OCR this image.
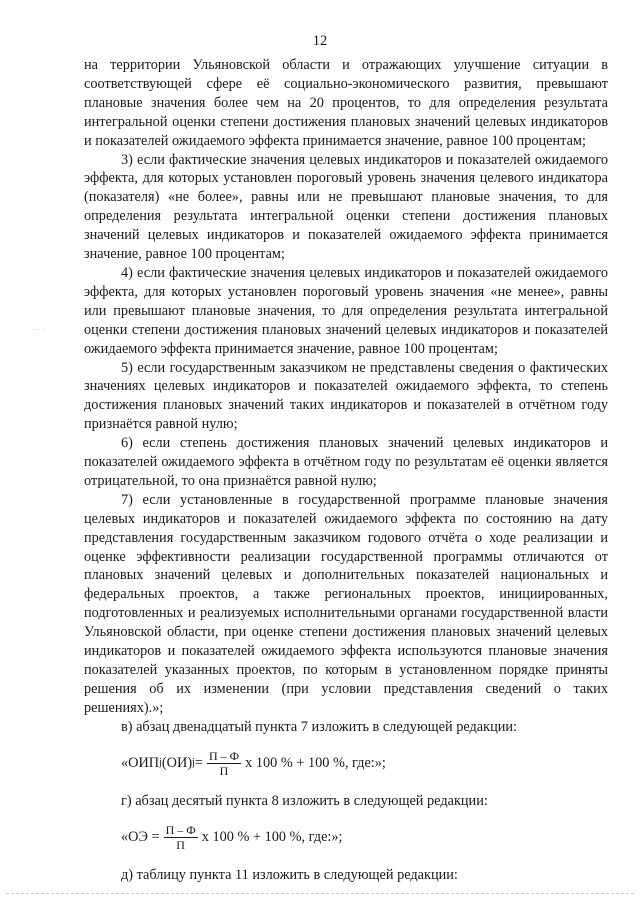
12
‥ .

на территории Ульяновской области и отражающих улучшение ситуации в соответствующей сфере её социально-экономического развития, превышают плановые значения более чем на 20 процентов, то для определения результата интегральной оценки степени достижения плановых значений целевых индикаторов и показателей ожидаемого эффекта принимается значение, равное 100 процентам;

3) если фактические значения целевых индикаторов и показателей ожидаемого эффекта, для которых установлен пороговый уровень значения целевого индикатора (показателя) «не более», равны или не превышают плановые значения, то для определения результата интегральной оценки степени достижения плановых значений целевых индикаторов и показателей ожидаемого эффекта принимается значение, равное 100 процентам;

4) если фактические значения целевых индикаторов и показателей ожидаемого эффекта, для которых установлен пороговый уровень значения «не менее», равны или превышают плановые значения, то для определения результата интегральной оценки степени достижения плановых значений целевых индикаторов и показателей ожидаемого эффекта принимается значение, равное 100 процентам;

5) если государственным заказчиком не представлены сведения о фактических значениях целевых индикаторов и показателей ожидаемого эффекта, то степень достижения плановых значений таких индикаторов и показателей в отчётном году признаётся равной нулю;

6) если степень достижения плановых значений целевых индикаторов и показателей ожидаемого эффекта в отчётном году по результатам её оценки является отрицательной, то она признаётся равной нулю;

7) если установленные в государственной программе плановые значения целевых индикаторов и показателей ожидаемого эффекта по состоянию на дату представления государственным заказчиком годового отчёта о ходе реализации и оценке эффективности реализации государственной программы отличаются от плановых значений целевых и дополнительных показателей национальных и федеральных проектов, а также региональных проектов, инициированных, подготовленных и реализуемых исполнительными органами государственной власти Ульяновской области, при оценке степени достижения плановых значений целевых индикаторов и показателей ожидаемого эффекта используются плановые значения показателей указанных проектов, по которым в установленном порядке приняты решения об их изменении (при условии представления сведений о таких решениях).»;

в) абзац двенадцатый пункта 7 изложить в следующей редакции:

«ОИП j (ОИ) $j = \frac{П - Ф}{П}$ х 100 % + 100 %, где:»;

г) абзац десятый пункта 8 изложить в следующей редакции:

«ОЭ = $\frac{П - Ф}{П}$ х 100 % + 100 %, где:»;

д) таблицу пункта 11 изложить в следующей редакции:
